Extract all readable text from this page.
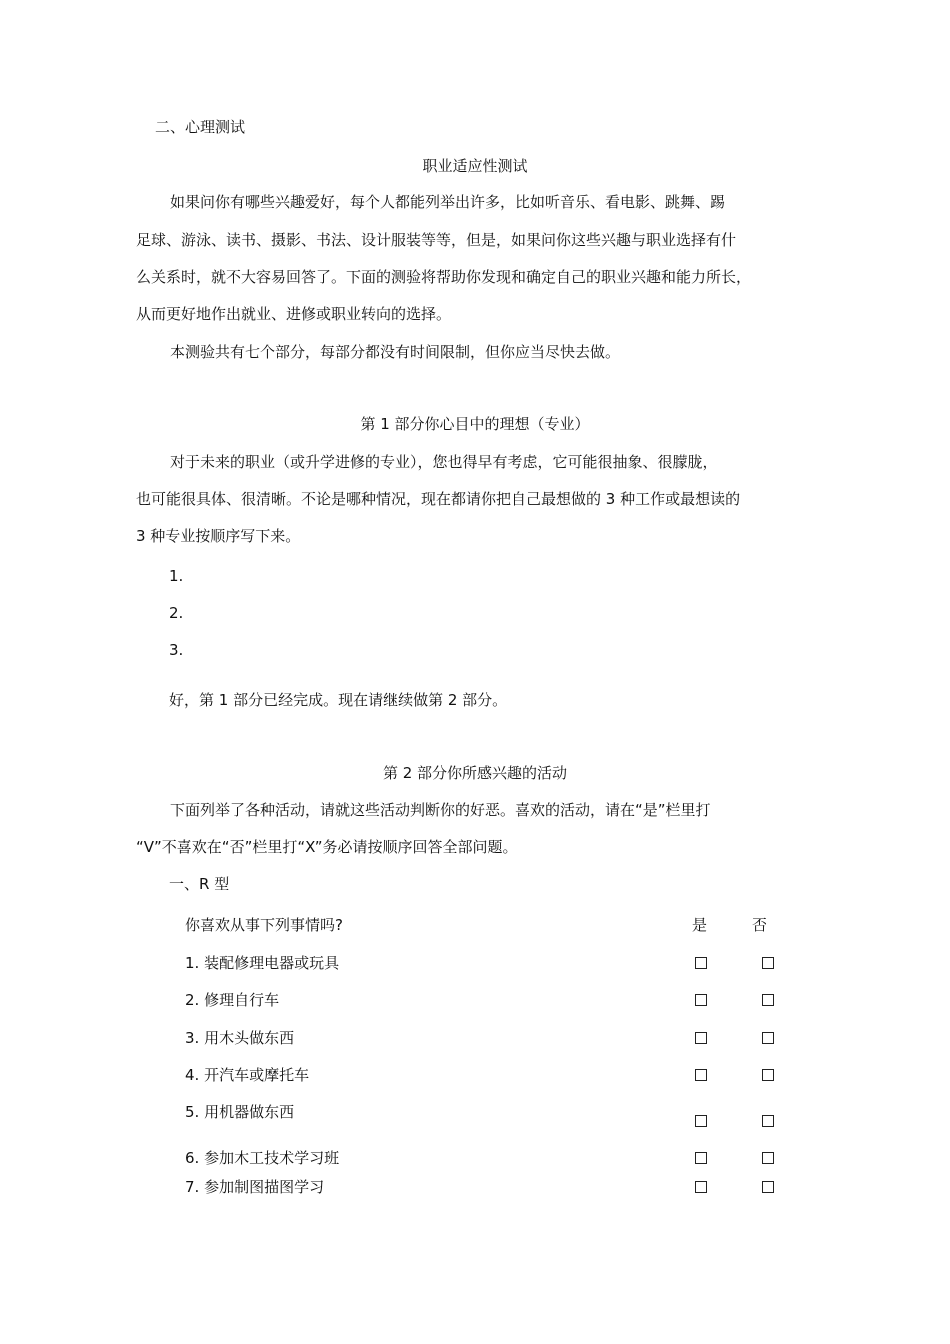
二、心理测试
职业适应性测试
如果问你有哪些兴趣爱好，每个人都能列举出许多，比如听音乐、看电影、跳舞、踢
足球、游泳、读书、摄影、书法、设计服装等等，但是，如果问你这些兴趣与职业选择有什
么关系时，就不大容易回答了。下面的测验将帮助你发现和确定自己的职业兴趣和能力所长，
从而更好地作出就业、进修或职业转向的选择。
本测验共有七个部分，每部分都没有时间限制，但你应当尽快去做。
第 1 部分你心目中的理想（专业）
对于未来的职业（或升学进修的专业），您也得早有考虑，它可能很抽象、很朦胧，
也可能很具体、很清晰。不论是哪种情况，现在都请你把自己最想做的 3 种工作或最想读的
3 种专业按顺序写下来。
1.
2.
3.
好，第 1 部分已经完成。现在请继续做第 2 部分。
第 2 部分你所感兴趣的活动
下面列举了各种活动，请就这些活动判断你的好恶。喜欢的活动，请在“是”栏里打
“V”不喜欢在“否”栏里打“X”务必请按顺序回答全部问题。
一、R 型
你喜欢从事下列事情吗?	是	否
1. 装配修理电器或玩具
2. 修理自行车
3. 用木头做东西
4. 开汽车或摩托车
5. 用机器做东西
6. 参加木工技术学习班
7. 参加制图描图学习
